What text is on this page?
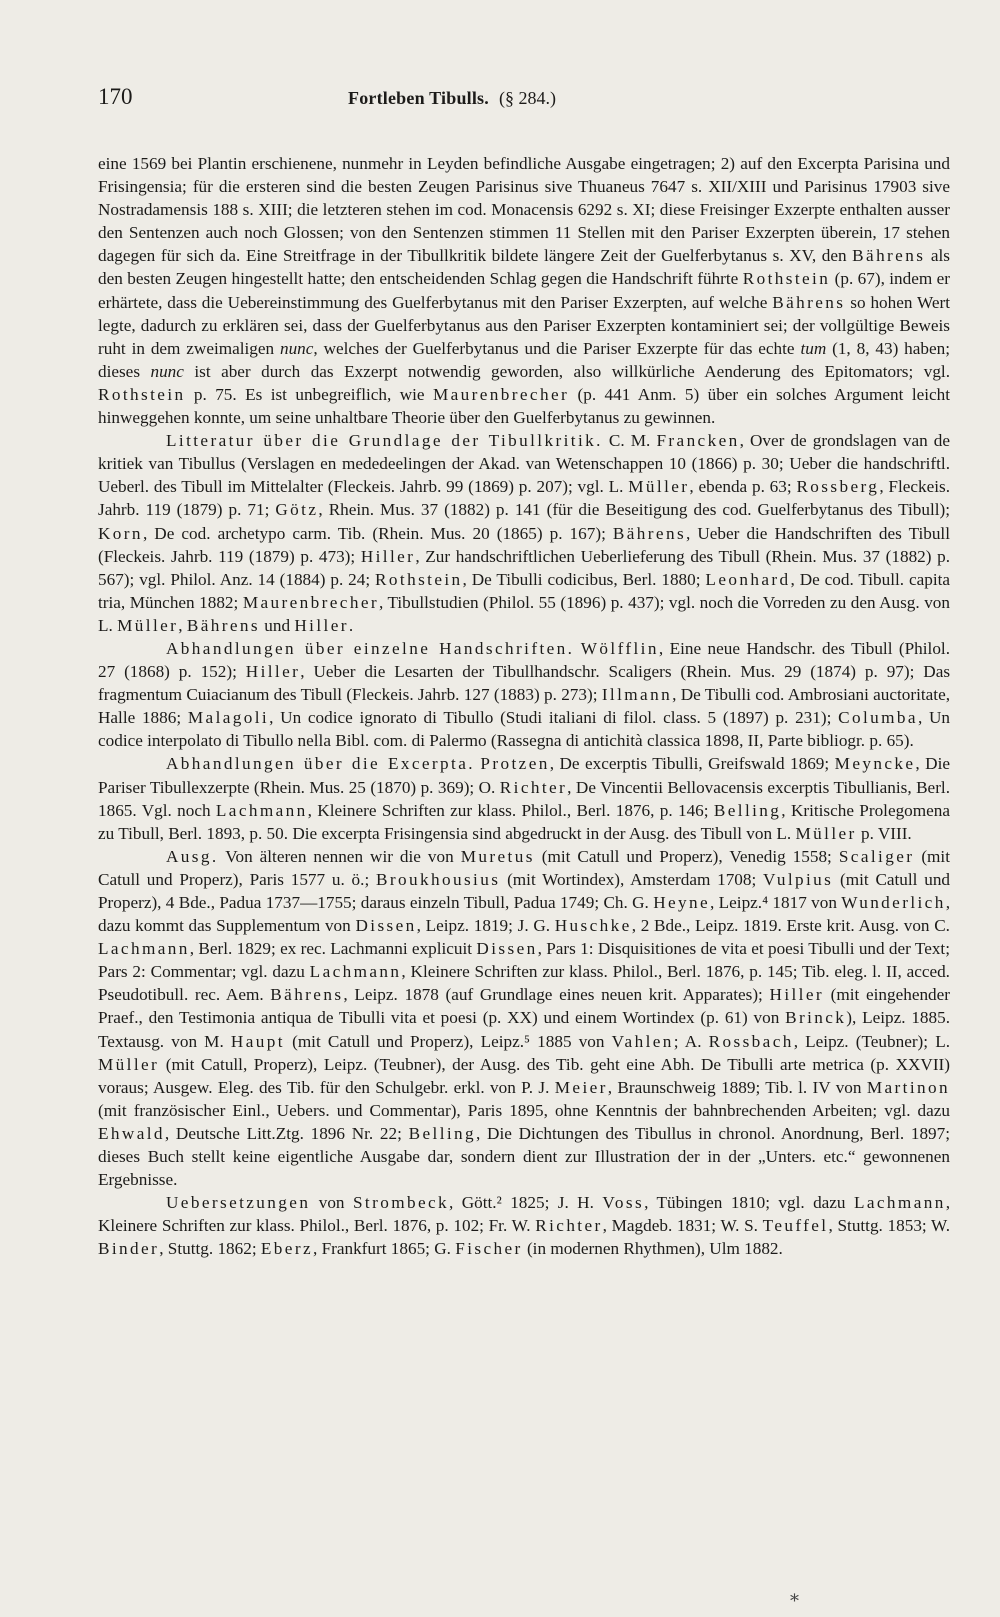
170	Fortleben Tibulls. (§ 284.)

eine 1569 bei Plantin erschienene, nunmehr in Leyden befindliche Ausgabe eingetragen; 2) auf den Excerpta Parisina und Frisingensia; für die ersteren sind die besten Zeugen Parisinus sive Thuaneus 7647 s. XII/XIII und Parisinus 17903 sive Nostradamensis 188 s. XIII; die letzteren stehen im cod. Monacensis 6292 s. XI; diese Freisinger Exzerpte enthalten ausser den Sentenzen auch noch Glossen; von den Sentenzen stimmen 11 Stellen mit den Pariser Exzerpten überein, 17 stehen dagegen für sich da. Eine Streitfrage in der Tibullkritik bildete längere Zeit der Guelferbytanus s. XV, den Bährens als den besten Zeugen hingestellt hatte; den entscheidenden Schlag gegen die Handschrift führte Rothstein (p. 67), indem er erhärtete, dass die Uebereinstimmung des Guelferbytanus mit den Pariser Exzerpten, auf welche Bährens so hohen Wert legte, dadurch zu erklären sei, dass der Guelferbytanus aus den Pariser Exzerpten kontaminiert sei; der vollgültige Beweis ruht in dem zweimaligen nunc, welches der Guelferbytanus und die Pariser Exzerpte für das echte tum (1, 8, 43) haben; dieses nunc ist aber durch das Exzerpt notwendig geworden, also willkürliche Aenderung des Epitomators; vgl. Rothstein p. 75. Es ist unbegreiflich, wie Maurenbrecher (p. 441 Anm. 5) über ein solches Argument leicht hinweggehen konnte, um seine unhaltbare Theorie über den Guelferbytanus zu gewinnen.

Litteratur über die Grundlage der Tibullkritik. C. M. Francken, Over de grondslagen van de kritiek van Tibullus (Verslagen en mededeelingen der Akad. van Wetenschappen 10 (1866) p. 30; Ueber die handschriftl. Ueberl. des Tibull im Mittelalter (Fleckeis. Jahrb. 99 (1869) p. 207); vgl. L. Müller, ebenda p. 63; Rossberg, Fleckeis. Jahrb. 119 (1879) p. 71; Götz, Rhein. Mus. 37 (1882) p. 141 (für die Beseitigung des cod. Guelferbytanus des Tibull); Korn, De cod. archetypo carm. Tib. (Rhein. Mus. 20 (1865) p. 167); Bährens, Ueber die Handschriften des Tibull (Fleckeis. Jahrb. 119 (1879) p. 473); Hiller, Zur handschriftlichen Ueberlieferung des Tibull (Rhein. Mus. 37 (1882) p. 567); vgl. Philol. Anz. 14 (1884) p. 24; Rothstein, De Tibulli codicibus, Berl. 1880; Leonhard, De cod. Tibull. capita tria, München 1882; Maurenbrecher, Tibullstudien (Philol. 55 (1896) p. 437); vgl. noch die Vorreden zu den Ausg. von L. Müller, Bährens und Hiller.

Abhandlungen über einzelne Handschriften. Wölfflin, Eine neue Handschr. des Tibull (Philol. 27 (1868) p. 152); Hiller, Ueber die Lesarten der Tibullhandschr. Scaligers (Rhein. Mus. 29 (1874) p. 97); Das fragmentum Cuiacianum des Tibull (Fleckeis. Jahrb. 127 (1883) p. 273); Illmann, De Tibulli cod. Ambrosiani auctoritate, Halle 1886; Malagoli, Un codice ignorato di Tibullo (Studi italiani di filol. class. 5 (1897) p. 231); Columba, Un codice interpolato di Tibullo nella Bibl. com. di Palermo (Rassegna di antichità classica 1898, II, Parte bibliogr. p. 65).

Abhandlungen über die Excerpta. Protzen, De excerptis Tibulli, Greifswald 1869; Meyncke, Die Pariser Tibullexzerpte (Rhein. Mus. 25 (1870) p. 369); O. Richter, De Vincentii Bellovacensis excerptis Tibullianis, Berl. 1865. Vgl. noch Lachmann, Kleinere Schriften zur klass. Philol., Berl. 1876, p. 146; Belling, Kritische Prolegomena zu Tibull, Berl. 1893, p. 50. Die excerpta Frisingensia sind abgedruckt in der Ausg. des Tibull von L. Müller p. VIII.

Ausg. Von älteren nennen wir die von Muretus (mit Catull und Properz), Venedig 1558; Scaliger (mit Catull und Properz), Paris 1577 u. ö.; Broukhousius (mit Wortindex), Amsterdam 1708; Vulpius (mit Catull und Properz), 4 Bde., Padua 1737—1755; daraus einzeln Tibull, Padua 1749; Ch. G. Heyne, Leipz.⁴ 1817 von Wunderlich, dazu kommt das Supplementum von Dissen, Leipz. 1819; J. G. Huschke, 2 Bde., Leipz. 1819. Erste krit. Ausg. von C. Lachmann, Berl. 1829; ex rec. Lachmanni explicuit Dissen, Pars 1: Disquisitiones de vita et poesi Tibulli und der Text; Pars 2: Commentar; vgl. dazu Lachmann, Kleinere Schriften zur klass. Philol., Berl. 1876, p. 145; Tib. eleg. l. II, acced. Pseudotibull. rec. Aem. Bährens, Leipz. 1878 (auf Grundlage eines neuen krit. Apparates); Hiller (mit eingehender Praef., den Testimonia antiqua de Tibulli vita et poesi (p. XX) und einem Wortindex (p. 61) von Brinck), Leipz. 1885. Textausg. von M. Haupt (mit Catull und Properz), Leipz.⁵ 1885 von Vahlen; A. Rossbach, Leipz. (Teubner); L. Müller (mit Catull, Properz), Leipz. (Teubner), der Ausg. des Tib. geht eine Abh. De Tibulli arte metrica (p. XXVII) voraus; Ausgew. Eleg. des Tib. für den Schulgebr. erkl. von P. J. Meier, Braunschweig 1889; Tib. l. IV von Martinon (mit französischer Einl., Uebers. und Commentar), Paris 1895, ohne Kenntnis der bahnbrechenden Arbeiten; vgl. dazu Ehwald, Deutsche Litt.Ztg. 1896 Nr. 22; Belling, Die Dichtungen des Tibullus in chronol. Anordnung, Berl. 1897; dieses Buch stellt keine eigentliche Ausgabe dar, sondern dient zur Illustration der in der „Unters. etc.“ gewonnenen Ergebnisse.

Uebersetzungen von Strombeck, Gött.² 1825; J. H. Voss, Tübingen 1810; vgl. dazu Lachmann, Kleinere Schriften zur klass. Philol., Berl. 1876, p. 102; Fr. W. Richter, Magdeb. 1831; W. S. Teuffel, Stuttg. 1853; W. Binder, Stuttg. 1862; Eberz, Frankfurt 1865; G. Fischer (in modernen Rhythmen), Ulm 1882.

⁎
